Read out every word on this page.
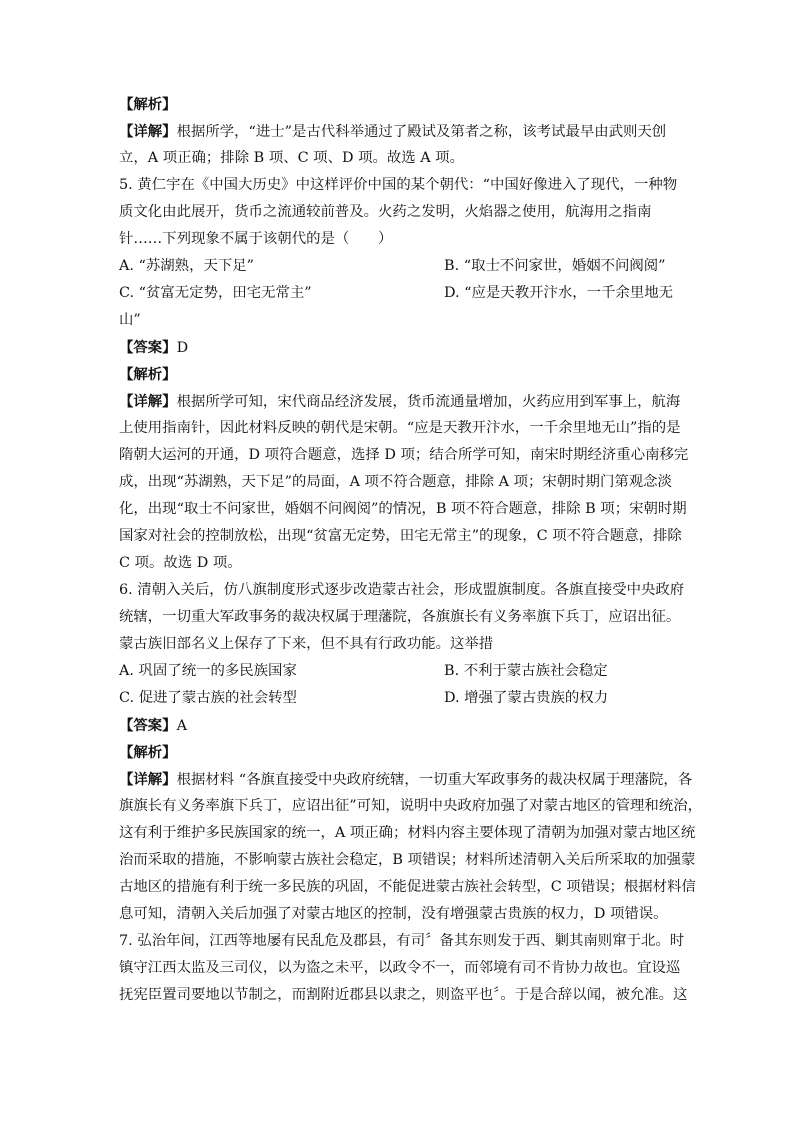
【解析】
【详解】根据所学，“进士”是古代科举通过了殿试及第者之称，该考试最早由武则天创
立，A 项正确；排除 B 项、C 项、D 项。故选 A 项。
5. 黄仁宇在《中国大历史》中这样评价中国的某个朝代：“中国好像进入了现代，一种物
质文化由此展开，货币之流通较前普及。火药之发明，火焰器之使用，航海用之指南
针……下列现象不属于该朝代的是（　　）
A. “苏湖熟，天下足”	B. “取士不问家世，婚姻不问阀阅”
C. “贫富无定势，田宅无常主”	D. “应是天教开汴水，一千余里地无
山”
【答案】D
【解析】
【详解】根据所学可知，宋代商品经济发展，货币流通量增加，火药应用到军事上，航海
上使用指南针，因此材料反映的朝代是宋朝。“应是天教开汴水，一千余里地无山”指的是
隋朝大运河的开通，D 项符合题意，选择 D 项；结合所学可知，南宋时期经济重心南移完
成，出现“苏湖熟，天下足”的局面，A 项不符合题意，排除 A 项；宋朝时期门第观念淡
化，出现“取士不问家世，婚姻不问阀阅”的情况，B 项不符合题意，排除 B 项；宋朝时期
国家对社会的控制放松，出现“贫富无定势，田宅无常主”的现象，C 项不符合题意，排除
C 项。故选 D 项。
6. 清朝入关后，仿八旗制度形式逐步改造蒙古社会，形成盟旗制度。各旗直接受中央政府
统辖，一切重大军政事务的裁决权属于理藩院，各旗旗长有义务率旗下兵丁，应诏出征。
蒙古族旧部名义上保存了下来，但不具有行政功能。这举措
A. 巩固了统一的多民族国家	B. 不利于蒙古族社会稳定
C. 促进了蒙古族的社会转型	D. 增强了蒙古贵族的权力
【答案】A
【解析】
【详解】根据材料 “各旗直接受中央政府统辖，一切重大军政事务的裁决权属于理藩院，各
旗旗长有义务率旗下兵丁，应诏出征”可知，说明中央政府加强了对蒙古地区的管理和统治，
这有利于维护多民族国家的统一，A 项正确；材料内容主要体现了清朝为加强对蒙古地区统
治而采取的措施，不影响蒙古族社会稳定，B 项错误；材料所述清朝入关后所采取的加强蒙
古地区的措施有利于统一多民族的巩固，不能促进蒙古族社会转型，C 项错误；根据材料信
息可知，清朝入关后加强了对蒙古地区的控制，没有增强蒙古贵族的权力，D 项错误。
7. 弘治年间，江西等地屡有民乱危及郡县，有司〞备其东则发于西、剿其南则窜于北。时
镇守江西太监及三司仪，以为盗之未平，以政令不一，而邻境有司不肯协力故也。宜设巡
抚宪臣置司要地以节制之，而割附近郡县以隶之，则盗平也〞。于是合辞以闻，被允准。这
